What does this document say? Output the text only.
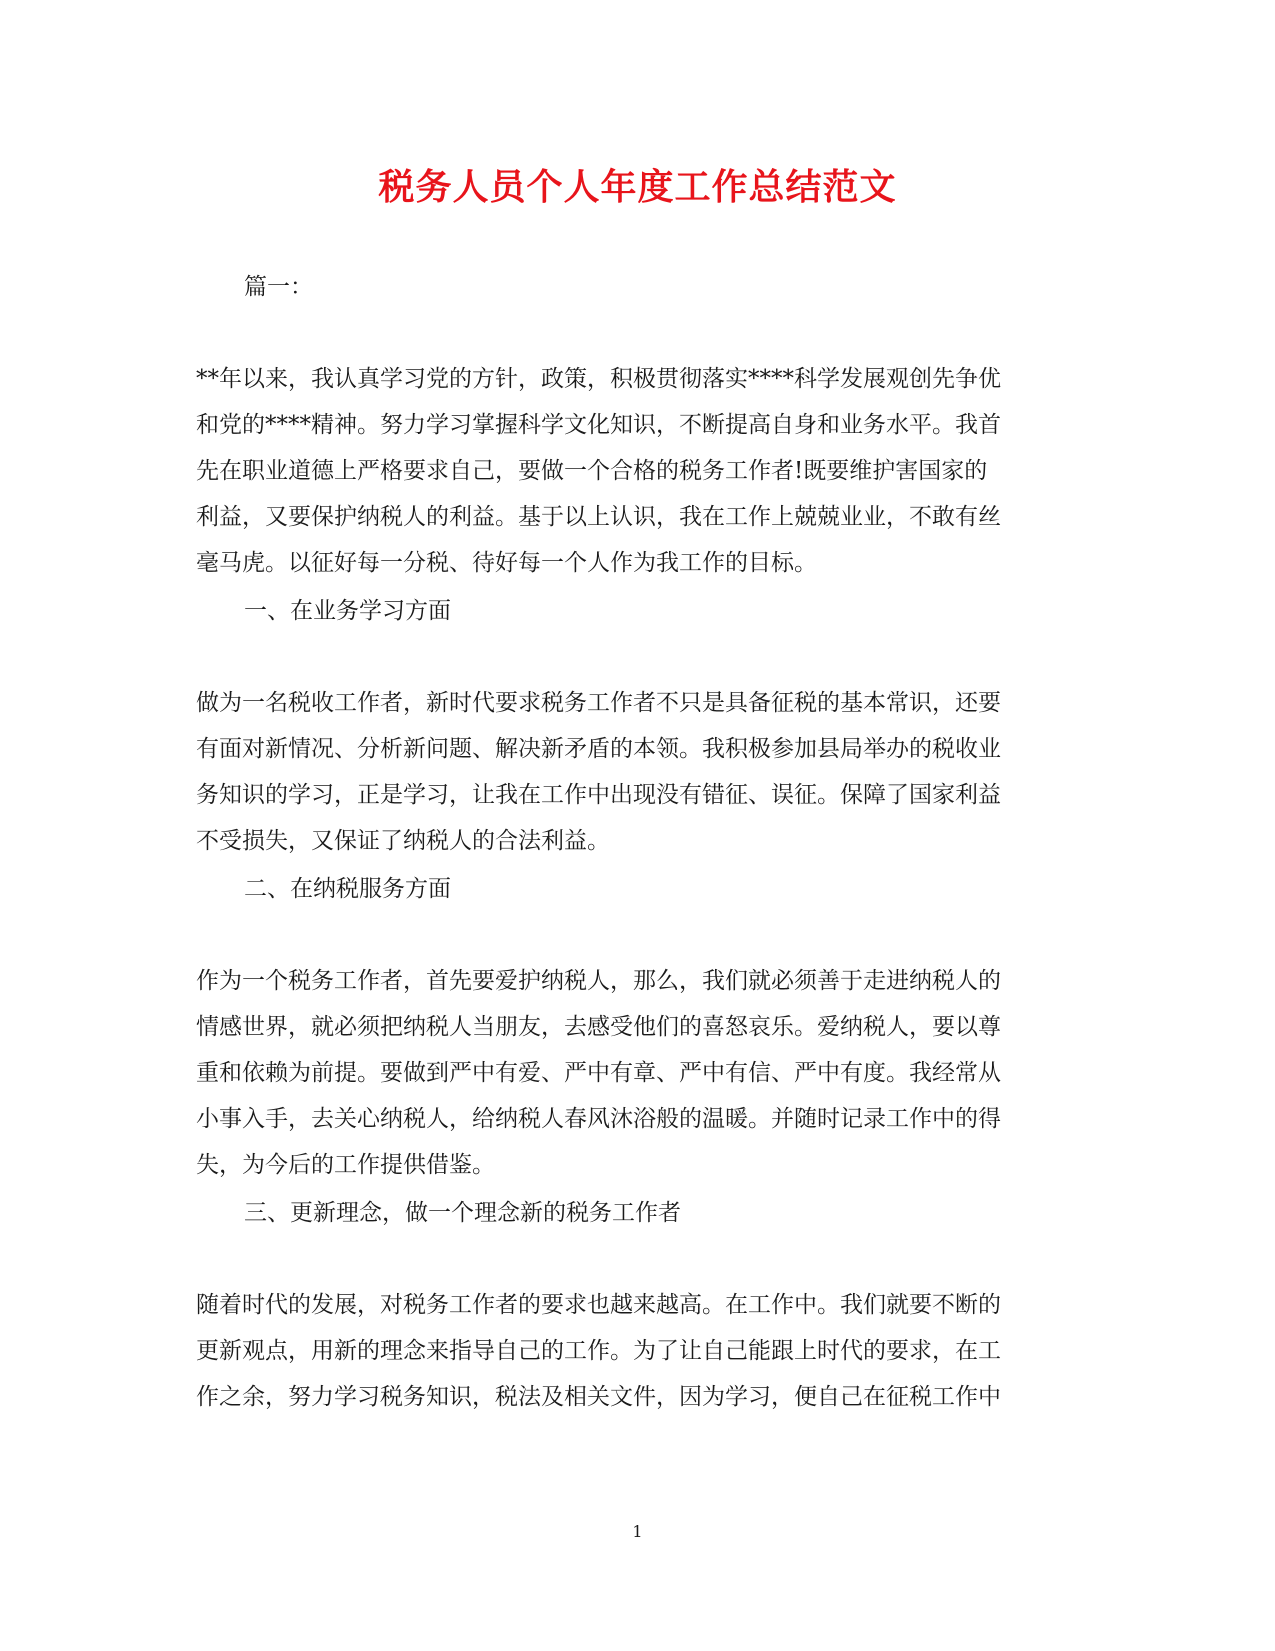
税务人员个人年度工作总结范文
篇一：
**年以来，我认真学习党的方针，政策，积极贯彻落实****科学发展观创先争优
和党的****精神。努力学习掌握科学文化知识，不断提高自身和业务水平。我首
先在职业道德上严格要求自己，要做一个合格的税务工作者!既要维护害国家的
利益，又要保护纳税人的利益。基于以上认识，我在工作上兢兢业业，不敢有丝
毫马虎。以征好每一分税、待好每一个人作为我工作的目标。
一、在业务学习方面
做为一名税收工作者，新时代要求税务工作者不只是具备征税的基本常识，还要
有面对新情况、分析新问题、解决新矛盾的本领。我积极参加县局举办的税收业
务知识的学习，正是学习，让我在工作中出现没有错征、误征。保障了国家利益
不受损失，又保证了纳税人的合法利益。
二、在纳税服务方面
作为一个税务工作者，首先要爱护纳税人，那么，我们就必须善于走进纳税人的
情感世界，就必须把纳税人当朋友，去感受他们的喜怒哀乐。爱纳税人，要以尊
重和依赖为前提。要做到严中有爱、严中有章、严中有信、严中有度。我经常从
小事入手，去关心纳税人，给纳税人春风沐浴般的温暖。并随时记录工作中的得
失，为今后的工作提供借鉴。
三、更新理念，做一个理念新的税务工作者
随着时代的发展，对税务工作者的要求也越来越高。在工作中。我们就要不断的
更新观点，用新的理念来指导自己的工作。为了让自己能跟上时代的要求，在工
作之余，努力学习税务知识，税法及相关文件，因为学习，便自己在征税工作中
1
